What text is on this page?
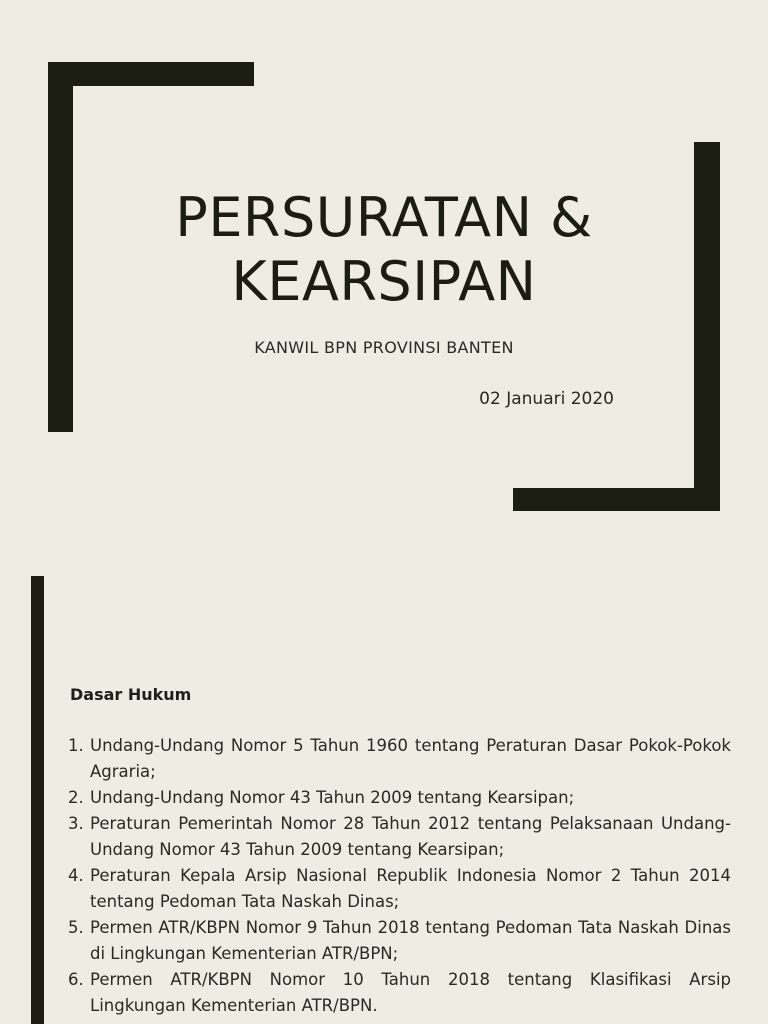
PERSURATAN &
KEARSIPAN
KANWIL BPN PROVINSI BANTEN
02 Januari 2020
Dasar Hukum
1. Undang-Undang Nomor 5 Tahun 1960 tentang Peraturan Dasar Pokok-Pokok Agraria;
2. Undang-Undang Nomor 43 Tahun 2009 tentang Kearsipan;
3. Peraturan Pemerintah Nomor 28 Tahun 2012 tentang Pelaksanaan Undang-Undang Nomor 43 Tahun 2009 tentang Kearsipan;
4. Peraturan Kepala Arsip Nasional Republik Indonesia Nomor 2 Tahun 2014 tentang Pedoman Tata Naskah Dinas;
5. Permen ATR/KBPN Nomor 9 Tahun 2018 tentang Pedoman Tata Naskah Dinas di Lingkungan Kementerian ATR/BPN;
6. Permen ATR/KBPN Nomor 10 Tahun 2018 tentang Klasifikasi Arsip Lingkungan Kementerian ATR/BPN.
